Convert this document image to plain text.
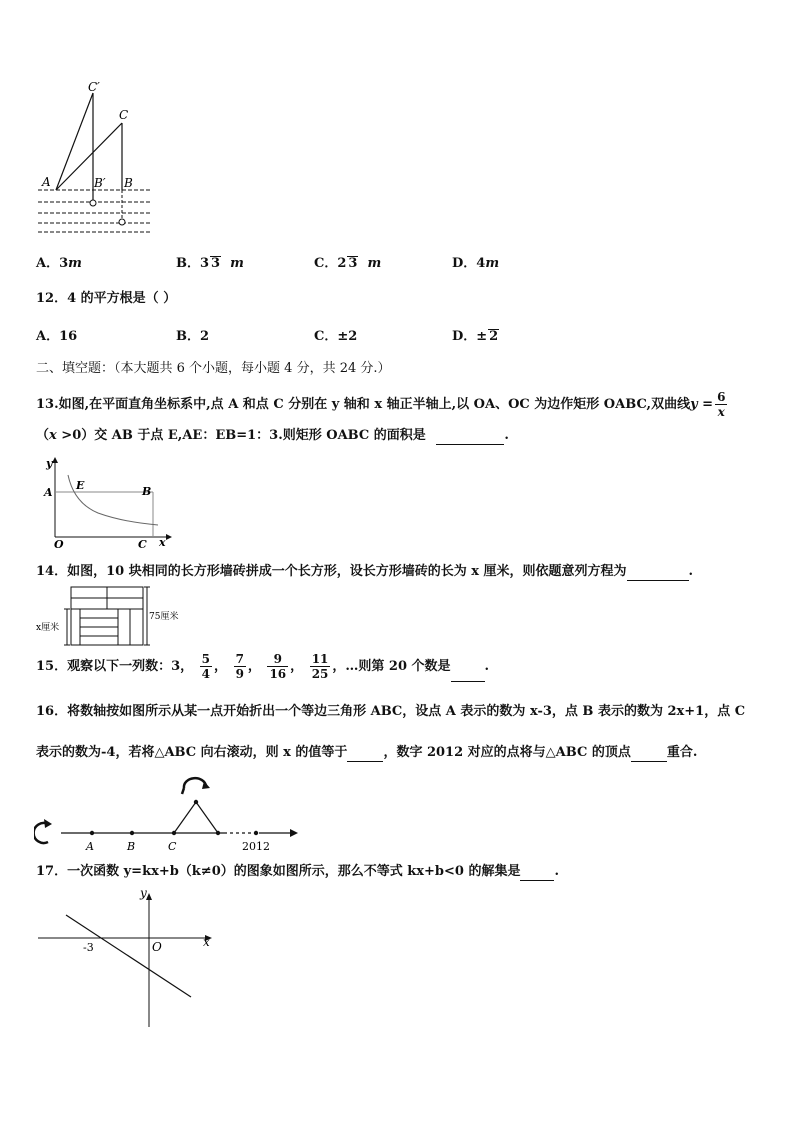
C′
C
A	B′ B
A．3m	B．3 3 m	C．2 3 m	D．4m
12．4 的平方根是（ ）
A．16	B．2	C．±2	D．± 2
二、填空题：（本大题共 6 个小题，每小题 4 分，共 24 分.）
13.如图,在平面直角坐标系中,点 A 和点 C 分别在 y 轴和 x 轴正半轴上,以 OA、OC 为边作矩形 OABC,双曲线$y = \frac{6}{x}$
（x >0）交 AB 于点 E,AE：EB=1：3.则矩形 OABC 的面积是	.
y
A
E	B
O	C x
14．如图，10 块相同的长方形墙砖拼成一个长方形，设长方形墙砖的长为 x 厘米，则依题意列方程为	.
x厘米
75厘米
15．观察以下一列数：3， $\frac{5}{4}$ ， $\frac{7}{9}$ ， $\frac{9}{16}$ ， $\frac{11}{25}$ ，…则第 20 个数是	.
16．将数轴按如图所示从某一点开始折出一个等边三角形 ABC，设点 A 表示的数为 x-3，点 B 表示的数为 2x+1，点 C
表示的数为-4，若将△ABC 向右滚动，则 x 的值等于	，数字 2012 对应的点将与△ABC 的顶点	重合.
A	B	C	2012
17．一次函数 y=kx+b（k≠0）的图象如图所示，那么不等式 kx+b<0 的解集是	.
y
x
O
-3
